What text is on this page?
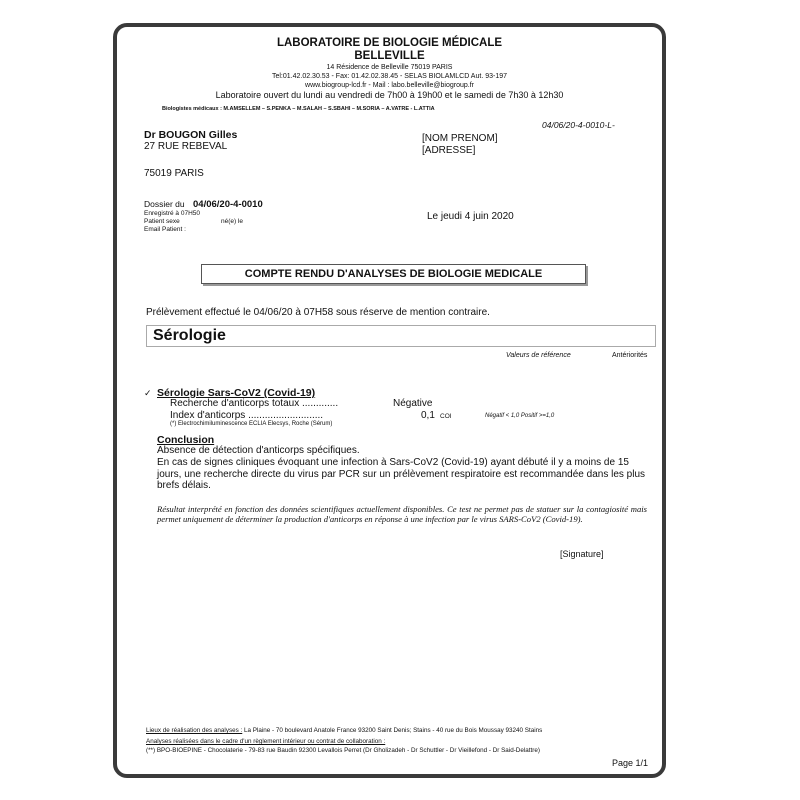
LABORATOIRE DE BIOLOGIE MÉDICALE
BELLEVILLE
14 Résidence de Belleville 75019 PARIS
Tel:01.42.02.30.53 - Fax: 01.42.02.38.45 - SELAS BIOLAMLCD Aut. 93-197
www.biogroup-lcd.fr - Mail : labo.belleville@biogroup.fr
Laboratoire ouvert du lundi au vendredi de 7h00 à 19h00 et le samedi de 7h30 à 12h30
Biologistes médicaux : M.AMSELLEM – S.PENKA – M.SALAH – S.SBAHI – M.SORIA – A.VATRE - L.ATTIA
04/06/20-4-0010-L-
Dr BOUGON Gilles
27 RUE REBEVAL
75019 PARIS
[NOM PRENOM]
[ADRESSE]
Dossier du 04/06/20-4-0010
Enregistré à 07H50
Patient sexe	né(e) le
Email Patient :
Le jeudi 4 juin 2020
COMPTE RENDU D'ANALYSES DE BIOLOGIE MEDICALE
Prélèvement effectué le 04/06/20 à 07H58 sous réserve de mention contraire.
Sérologie
Valeurs de référence	Antériorités
✓ Sérologie Sars-CoV2 (Covid-19)
Recherche d'anticorps totaux .............	Négative
Index d'anticorps ...........................	0,1 COI	Négatif < 1,0 Positif >=1,0
(*) Electrochimiluminescence ECLIA Elecsys, Roche (Sérum)
Conclusion
Absence de détection d'anticorps spécifiques.
En cas de signes cliniques évoquant une infection à Sars-CoV2 (Covid-19) ayant débuté il y a moins de 15 jours, une recherche directe du virus par PCR sur un prélèvement respiratoire est recommandée dans les plus brefs délais.
Résultat interprété en fonction des données scientifiques actuellement disponibles. Ce test ne permet pas de statuer sur la contagiosité mais permet uniquement de déterminer la production d'anticorps en réponse à une infection par le virus SARS-CoV2 (Covid-19).
[Signature]
Lieux de réalisation des analyses : La Plaine - 70 boulevard Anatole France 93200 Saint Denis; Stains - 40 rue du Bois Moussay 93240 Stains
Analyses réalisées dans le cadre d'un règlement intérieur ou contrat de collaboration :
(**) BPO-BIOEPINE - Chocolaterie - 79-83 rue Baudin 92300 Levallois Perret (Dr Gholizadeh - Dr Schuttler - Dr Vieillefond - Dr Said-Delattre)
Page 1/1
